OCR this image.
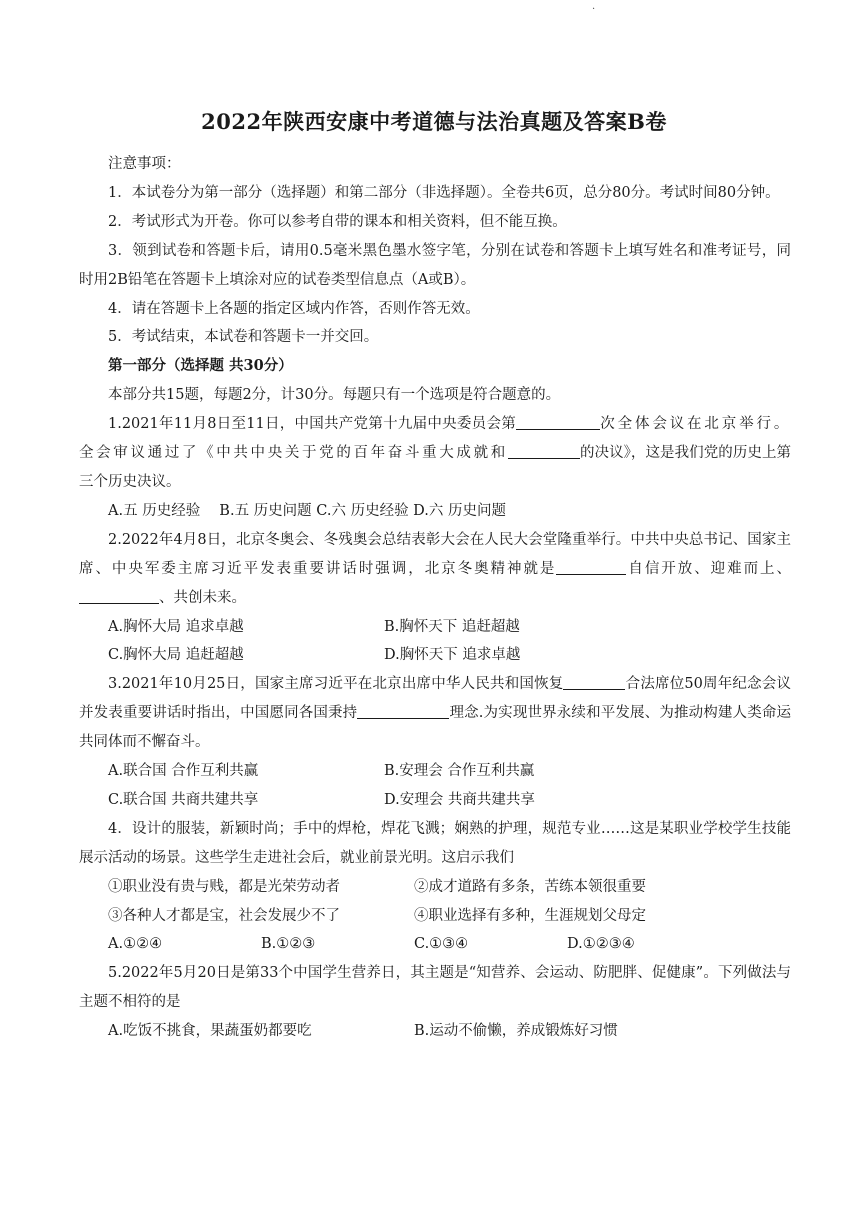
·
2022年陕西安康中考道德与法治真题及答案B卷

注意事项：

1．本试卷分为第一部分（选择题）和第二部分（非选择题）。全卷共6页，总分80分。考试时间80分钟。

2．考试形式为开卷。你可以参考自带的课本和相关资料，但不能互换。

3．领到试卷和答题卡后，请用0.5毫米黑色墨水签字笔，分别在试卷和答题卡上填写姓名和准考证号，同时用2B铅笔在答题卡上填涂对应的试卷类型信息点（A或B）。

4．请在答题卡上各题的指定区域内作答，否则作答无效。

5．考试结束，本试卷和答题卡一并交回。

第一部分（选择题 共30分）

本部分共15题，每题2分，计30分。每题只有一个选项是符合题意的。

1.2021年11月8日至11日，中国共产党第十九届中央委员会第	次全体会议在北京举行。全会审议通过了《中共中央关于党的百年奋斗重大成就和	的决议》，这是我们党的历史上第三个历史决议。

A.五 历史经验　 B.五 历史问题 C.六 历史经验 D.六 历史问题

2.2022年4月8日，北京冬奥会、冬残奥会总结表彰大会在人民大会堂隆重举行。中共中央总书记、国家主席、中央军委主席习近平发表重要讲话时强调，北京冬奥精神就是	自信开放、迎难而上、、共创未来。

A.胸怀大局 追求卓越	B.胸怀天下 追赶超越
C.胸怀大局 追赶超越	D.胸怀天下 追求卓越

3.2021年10月25日，国家主席习近平在北京出席中华人民共和国恢复	合法席位50周年纪念会议并发表重要讲话时指出，中国愿同各国秉持	理念.为实现世界永续和平发展、为推动构建人类命运共同体而不懈奋斗。

A.联合国 合作互利共赢	B.安理会 合作互利共赢
C.联合国 共商共建共享	D.安理会 共商共建共享

4．设计的服装，新颖时尚；手中的焊枪，焊花飞溅；娴熟的护理，规范专业……这是某职业学校学生技能展示活动的场景。这些学生走进社会后，就业前景光明。这启示我们

①职业没有贵与贱，都是光荣劳动者	②成才道路有多条，苦练本领很重要
③各种人才都是宝，社会发展少不了	④职业选择有多种，生涯规划父母定
A.①②④	B.①②③	C.①③④	D.①②③④

5.2022年5月20日是第33个中国学生营养日，其主题是“知营养、会运动、防肥胖、促健康”。下列做法与主题不相符的是

A.吃饭不挑食，果蔬蛋奶都要吃	B.运动不偷懒，养成锻炼好习惯
